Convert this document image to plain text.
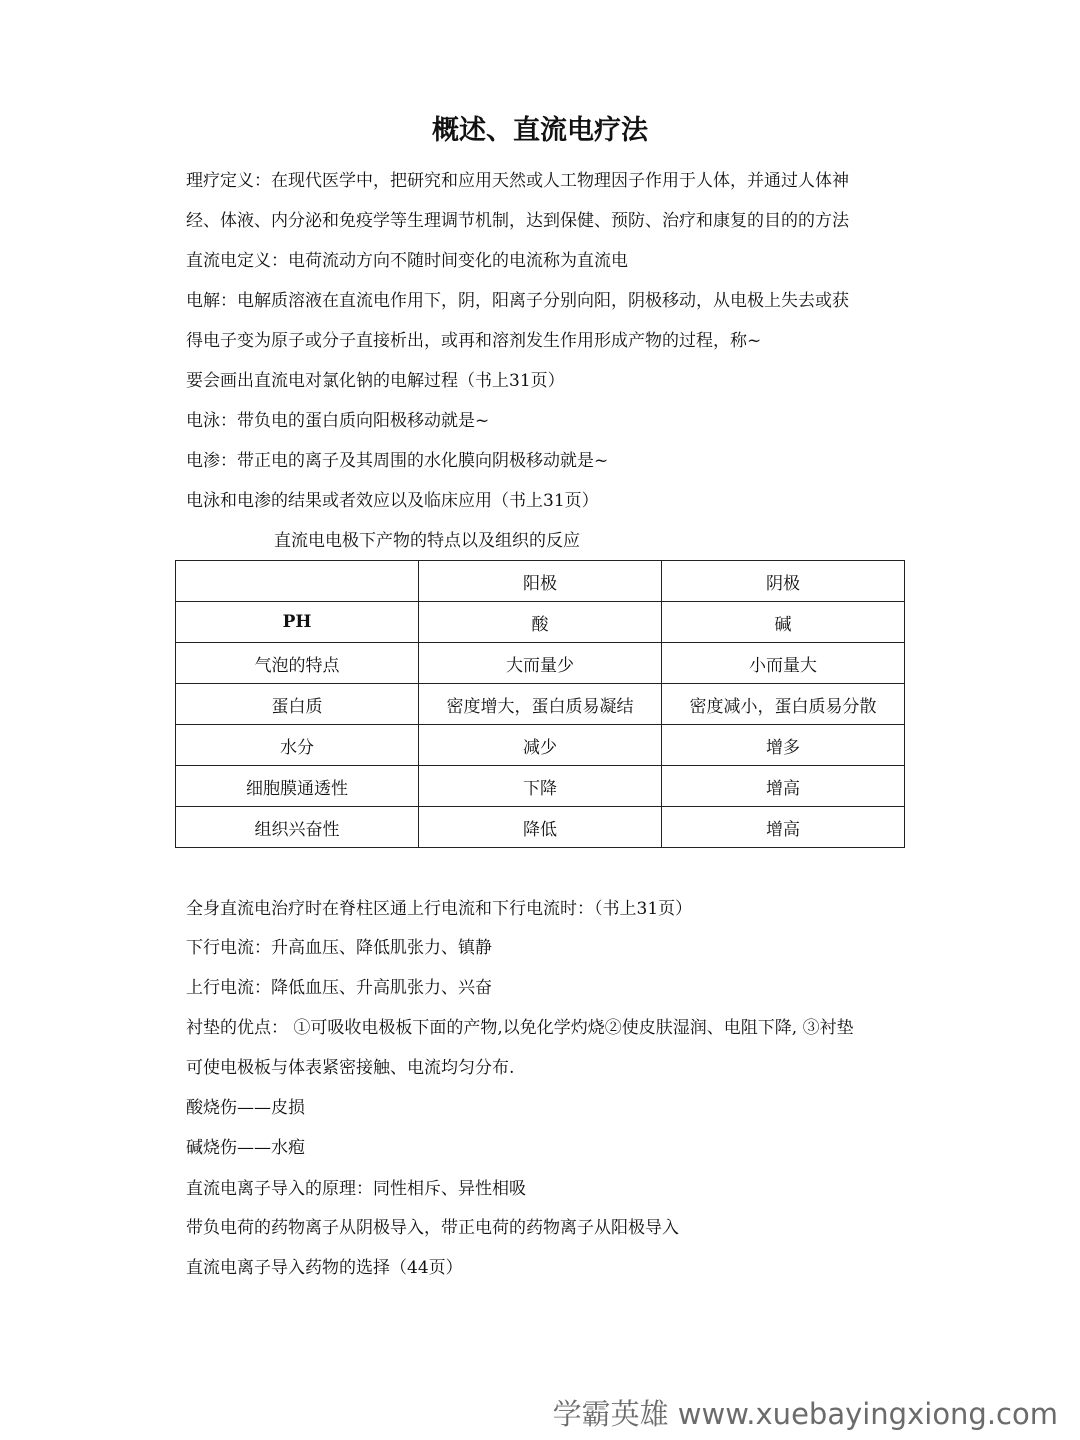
概述、直流电疗法
理疗定义：在现代医学中，把研究和应用天然或人工物理因子作用于人体，并通过人体神
经、体液、内分泌和免疫学等生理调节机制，达到保健、预防、治疗和康复的目的的方法
直流电定义：电荷流动方向不随时间变化的电流称为直流电
电解：电解质溶液在直流电作用下，阴，阳离子分别向阳，阴极移动，从电极上失去或获
得电子变为原子或分子直接析出，或再和溶剂发生作用形成产物的过程，称~
要会画出直流电对氯化钠的电解过程（书上31页）
电泳：带负电的蛋白质向阳极移动就是~
电渗：带正电的离子及其周围的水化膜向阴极移动就是~
电泳和电渗的结果或者效应以及临床应用（书上31页）
直流电电极下产物的特点以及组织的反应
	阳极	阴极
PH	酸	碱
气泡的特点	大而量少	小而量大
蛋白质	密度增大，蛋白质易凝结	密度减小，蛋白质易分散
水分	减少	增多
细胞膜通透性	下降	增高
组织兴奋性	降低	增高
全身直流电治疗时在脊柱区通上行电流和下行电流时：（书上31页）
下行电流：升高血压、降低肌张力、镇静
上行电流：降低血压、升高肌张力、兴奋
衬垫的优点： ①可吸收电极板下面的产物,以免化学灼烧②使皮肤湿润、电阻下降, ③衬垫
可使电极板与体表紧密接触、电流均匀分布.
酸烧伤——皮损
碱烧伤——水疱
直流电离子导入的原理：同性相斥、异性相吸
带负电荷的药物离子从阴极导入，带正电荷的药物离子从阳极导入
直流电离子导入药物的选择（44页）
学霸英雄 www.xuebayingxiong.com
